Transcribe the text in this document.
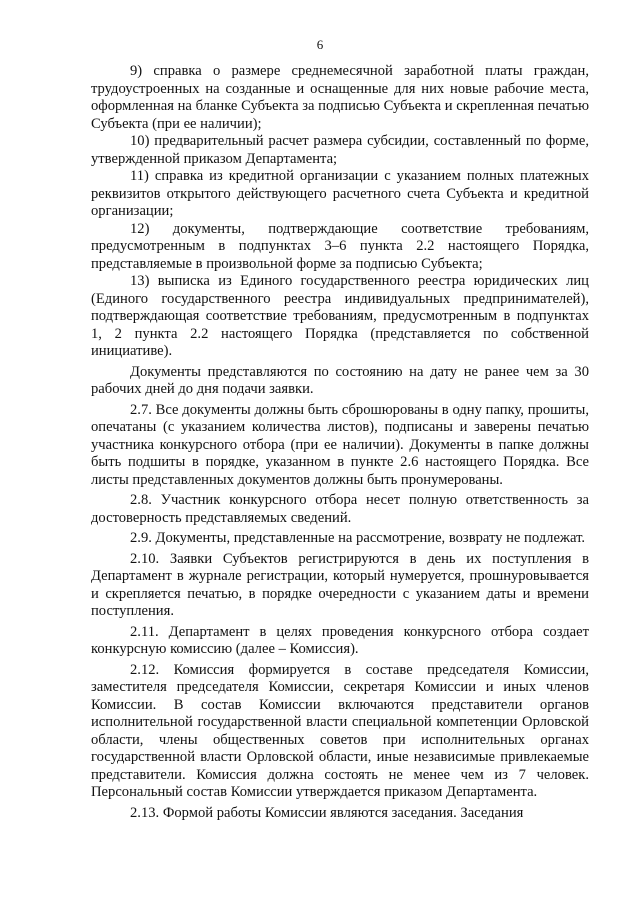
6

9) справка о размере среднемесячной заработной платы граждан, трудоустроенных на созданные и оснащенные для них новые рабочие места, оформленная на бланке Субъекта за подписью Субъекта и скрепленная печатью Субъекта (при ее наличии);

10) предварительный расчет размера субсидии, составленный по форме, утвержденной приказом Департамента;

11) справка из кредитной организации с указанием полных платежных реквизитов открытого действующего расчетного счета Субъекта и кредитной организации;

12) документы, подтверждающие соответствие требованиям, предусмотренным в подпунктах 3–6 пункта 2.2 настоящего Порядка, представляемые в произвольной форме за подписью Субъекта;

13) выписка из Единого государственного реестра юридических лиц (Единого государственного реестра индивидуальных предпринимателей), подтверждающая соответствие требованиям, предусмотренным в подпунктах 1, 2 пункта 2.2 настоящего Порядка (представляется по собственной инициативе).

Документы представляются по состоянию на дату не ранее чем за 30 рабочих дней до дня подачи заявки.

2.7. Все документы должны быть сброшюрованы в одну папку, прошиты, опечатаны (с указанием количества листов), подписаны и заверены печатью участника конкурсного отбора (при ее наличии). Документы в папке должны быть подшиты в порядке, указанном в пункте 2.6 настоящего Порядка. Все листы представленных документов должны быть пронумерованы.

2.8. Участник конкурсного отбора несет полную ответственность за достоверность представляемых сведений.

2.9. Документы, представленные на рассмотрение, возврату не подлежат.

2.10. Заявки Субъектов регистрируются в день их поступления в Департамент в журнале регистрации, который нумеруется, прошнуровывается и скрепляется печатью, в порядке очередности с указанием даты и времени поступления.

2.11. Департамент в целях проведения конкурсного отбора создает конкурсную комиссию (далее – Комиссия).

2.12. Комиссия формируется в составе председателя Комиссии, заместителя председателя Комиссии, секретаря Комиссии и иных членов Комиссии. В состав Комиссии включаются представители органов исполнительной государственной власти специальной компетенции Орловской области, члены общественных советов при исполнительных органах государственной власти Орловской области, иные независимые привлекаемые представители. Комиссия должна состоять не менее чем из 7 человек. Персональный состав Комиссии утверждается приказом Департамента.

2.13. Формой работы Комиссии являются заседания. Заседания
